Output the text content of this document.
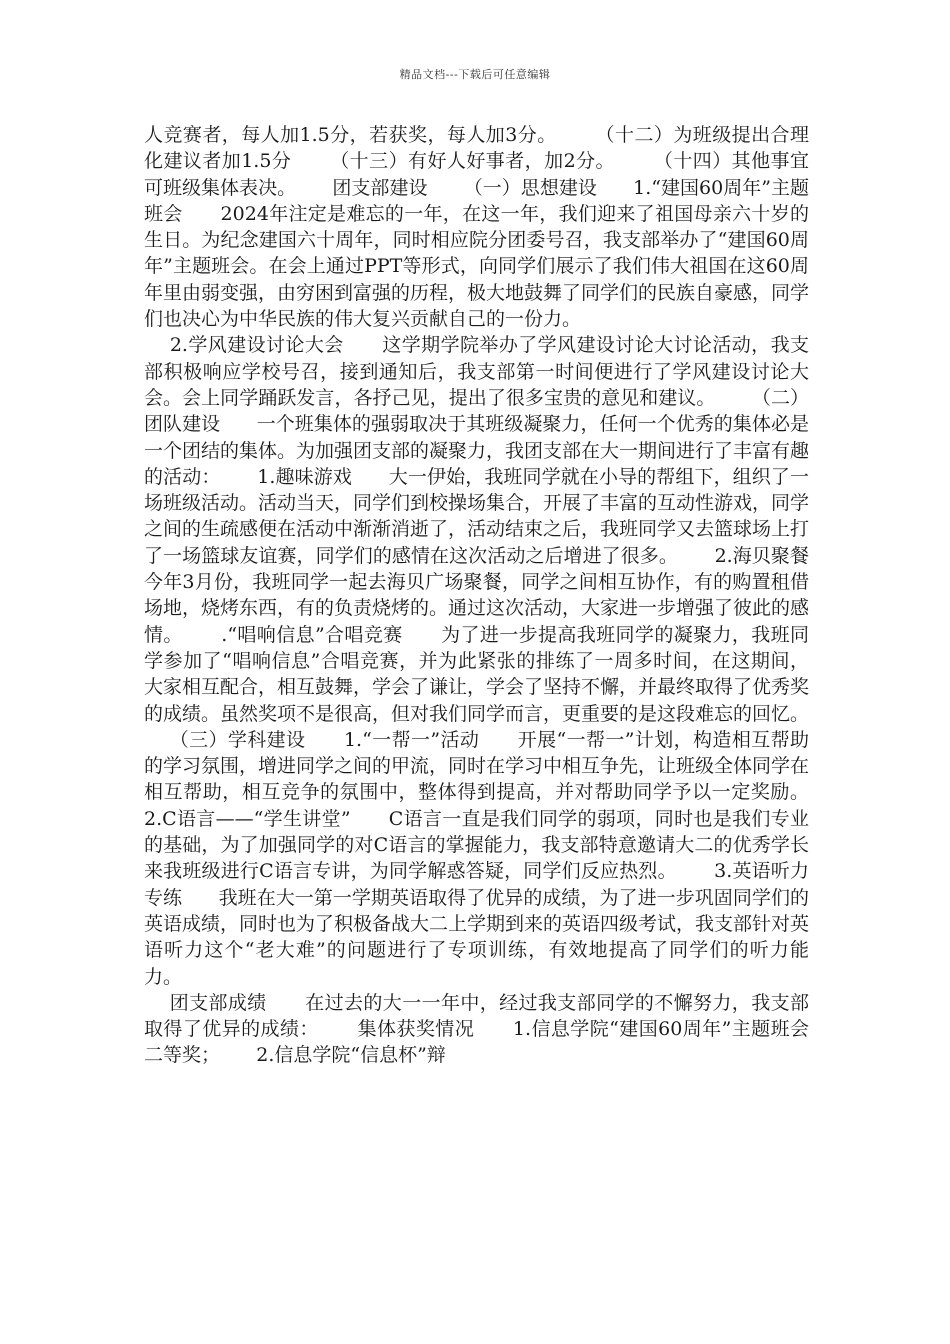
精品文档---下载后可任意编辑

人竞赛者，每人加1.5分，若获奖，每人加3分。      （十二）为班级提出合理化建议者加1.5分      （十三）有好人好事者，加2分。      （十四）其他事宜可班级集体表决。      团支部建设      （一）思想建设      1.“建国60周年”主题班会      2024年注定是难忘的一年，在这一年，我们迎来了祖国母亲六十岁的生日。为纪念建国六十周年，同时相应院分团委号召，我支部举办了“建国60周年”主题班会。在会上通过PPT等形式，向同学们展示了我们伟大祖国在这60周年里由弱变强，由穷困到富强的历程，极大地鼓舞了同学们的民族自豪感，同学们也决心为中华民族的伟大复兴贡献自己的一份力。

2.学风建设讨论大会      这学期学院举办了学风建设讨论大讨论活动，我支部积极响应学校号召，接到通知后，我支部第一时间便进行了学风建设讨论大会。会上同学踊跃发言，各抒己见，提出了很多宝贵的意见和建议。      （二）团队建设      一个班集体的强弱取决于其班级凝聚力，任何一个优秀的集体必是一个团结的集体。为加强团支部的凝聚力，我团支部在大一期间进行了丰富有趣的活动：      1.趣味游戏      大一伊始，我班同学就在小导的帮组下，组织了一场班级活动。活动当天，同学们到校操场集合，开展了丰富的互动性游戏，同学之间的生疏感便在活动中渐渐消逝了，活动结束之后，我班同学又去篮球场上打了一场篮球友谊赛，同学们的感情在这次活动之后增进了很多。      2.海贝聚餐      今年3月份，我班同学一起去海贝广场聚餐，同学之间相互协作，有的购置租借场地，烧烤东西，有的负责烧烤的。通过这次活动，大家进一步增强了彼此的感情。      .“唱响信息”合唱竞赛      为了进一步提高我班同学的凝聚力，我班同学参加了“唱响信息”合唱竞赛，并为此紧张的排练了一周多时间，在这期间，大家相互配合，相互鼓舞，学会了谦让，学会了坚持不懈，并最终取得了优秀奖的成绩。虽然奖项不是很高，但对我们同学而言，更重要的是这段难忘的回忆。

（三）学科建设      1.“一帮一”活动      开展“一帮一”计划，构造相互帮助的学习氛围，增进同学之间的甲流，同时在学习中相互争先，让班级全体同学在相互帮助，相互竞争的氛围中，整体得到提高，并对帮助同学予以一定奖励。      2.C语言——“学生讲堂”      C语言一直是我们同学的弱项，同时也是我们专业的基础，为了加强同学的对C语言的掌握能力，我支部特意邀请大二的优秀学长来我班级进行C语言专讲，为同学解惑答疑，同学们反应热烈。      3.英语听力专练      我班在大一第一学期英语取得了优异的成绩，为了进一步巩固同学们的英语成绩，同时也为了积极备战大二上学期到来的英语四级考试，我支部针对英语听力这个“老大难”的问题进行了专项训练，有效地提高了同学们的听力能力。

团支部成绩      在过去的大一一年中，经过我支部同学的不懈努力，我支部取得了优异的成绩：      集体获奖情况      1.信息学院“建国60周年”主题班会二等奖；      2.信息学院“信息杯”辩
